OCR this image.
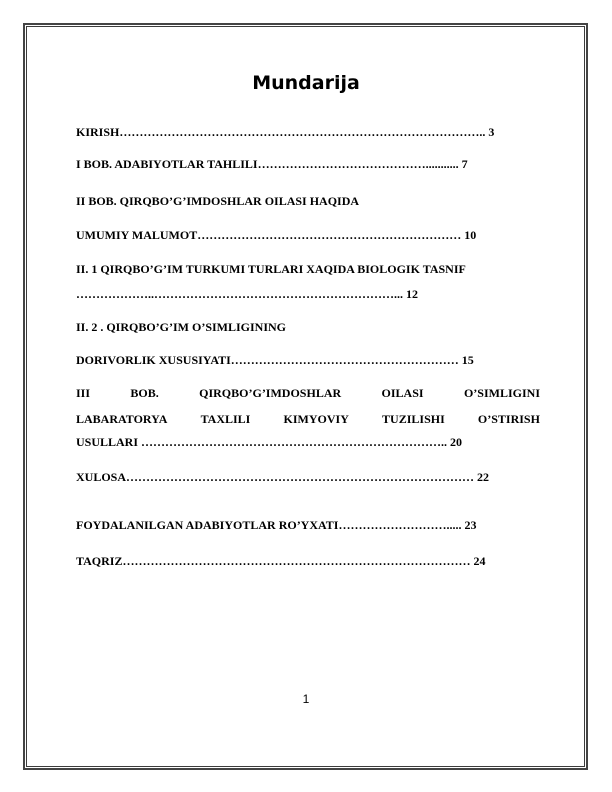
Mundarija
KIRISH……………………………………………………………………………….. 3
I BOB. ADABIYOTLAR TAHLILI……………………………………........... 7
II BOB. QIRQBO’G’IMDOSHLAR OILASI HAQIDA
UMUMIY MALUMOT………………………………………………………… 10
II. 1 QIRQBO’G’IM TURKUMI TURLARI XAQIDA BIOLOGIK TASNIF
………………..……………………………………………………... 12
II. 2 . QIRQBO’G’IM O’SIMLIGINING
DORIVORLIK XUSUSIYATI………………………………………………… 15
III	BOB.	QIRQBO’G’IMDOSHLAR	OILASI	O’SIMLIGINI
LABARATORYA	TAXLILI	KIMYOVIY	TUZILISHI	O’STIRISH
USULLARI ………………………………………………………………….. 20
XULOSA…………………………………………………………………………… 22
FOYDALANILGAN ADABIYOTLAR RO’YXATI………………………..... 23
TAQRIZ…………………………………………………………………………… 24
1
